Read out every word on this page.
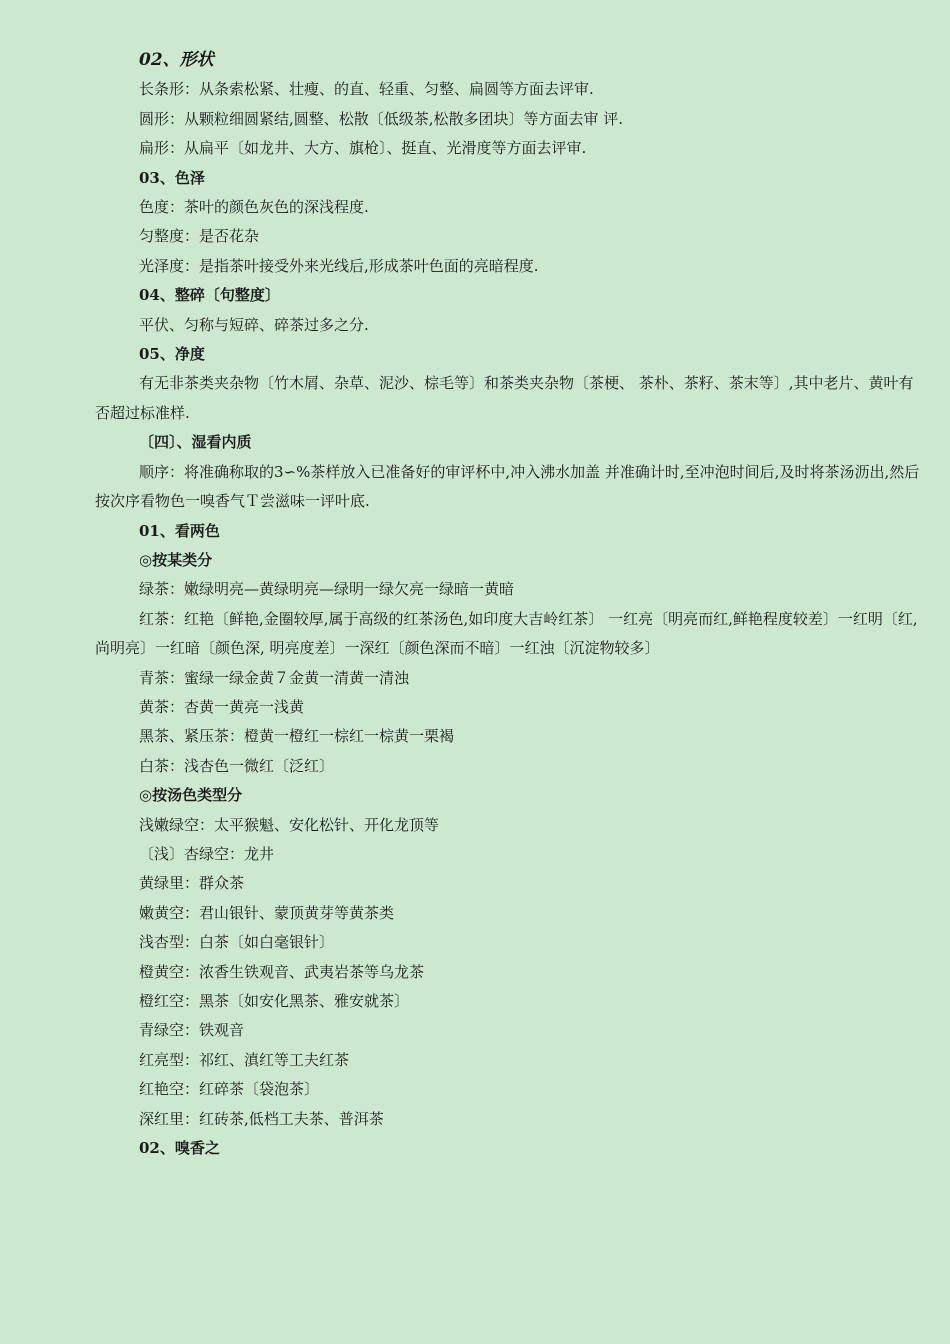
02、形状

长条形：从条索松紧、壮瘦、的直、轻重、匀整、扁圆等方面去评审.

圆形：从颗粒细圆紧结,圆整、松散〔低级茶,松散多团块〕等方面去审 评.

扁形：从扁平〔如龙井、大方、旗枪〕、挺直、光滑度等方面去评审.

03、色泽

色度：茶叶的颜色灰色的深浅程度.

匀整度：是否花杂

光泽度：是指茶叶接受外来光线后,形成茶叶色面的亮暗程度.

04、整碎〔句整度〕

平伏、匀称与短碎、碎茶过多之分.

05、净度

有无非茶类夹杂物〔竹木屑、杂草、泥沙、棕毛等〕和茶类夹杂物〔茶梗、 茶朴、茶籽、茶末等〕,其中老片、黄叶有否超过标准样.

〔四〕、湿看内质

顺序：将准确称取的3∽%茶样放入已准备好的审评杯中,冲入沸水加盖 并准确计时,至冲泡时间后,及时将茶汤沥出,然后按次序看物色一嗅香气Ｔ尝滋味一评叶底.

01、看两色

◎按某类分

绿茶：嫩绿明亮—黄绿明亮—绿明一绿欠亮一绿暗一黄暗

红茶：红艳〔鲜艳,金圈较厚,属于高级的红茶汤色,如印度大吉岭红茶〕 一红亮〔明亮而红,鲜艳程度较差〕一红明〔红,尚明亮〕一红暗〔颜色深, 明亮度差〕一深红〔颜色深而不暗〕一红浊〔沉淀物较多〕

青茶：蜜绿一绿金黄７金黄一清黄一清浊

黄茶：杏黄一黄亮一浅黄

黑茶、紧压茶：橙黄一橙红一棕红一棕黄一栗褐

白茶：浅杏色一微红〔泛红〕

◎按汤色类型分

浅嫩绿空：太平猴魁、安化松针、开化龙顶等

〔浅〕杏绿空：龙井

黄绿里：群众茶

嫩黄空：君山银针、蒙顶黄芽等黄茶类

浅杏型：白茶〔如白毫银针〕

橙黄空：浓香生铁观音、武夷岩茶等乌龙茶

橙红空：黑茶〔如安化黑茶、雅安就茶〕

青绿空：铁观音

红亮型：祁红、滇红等工夫红茶

红艳空：红碎茶〔袋泡茶〕

深红里：红砖茶,低档工夫茶、普洱茶

02、嗅香之
